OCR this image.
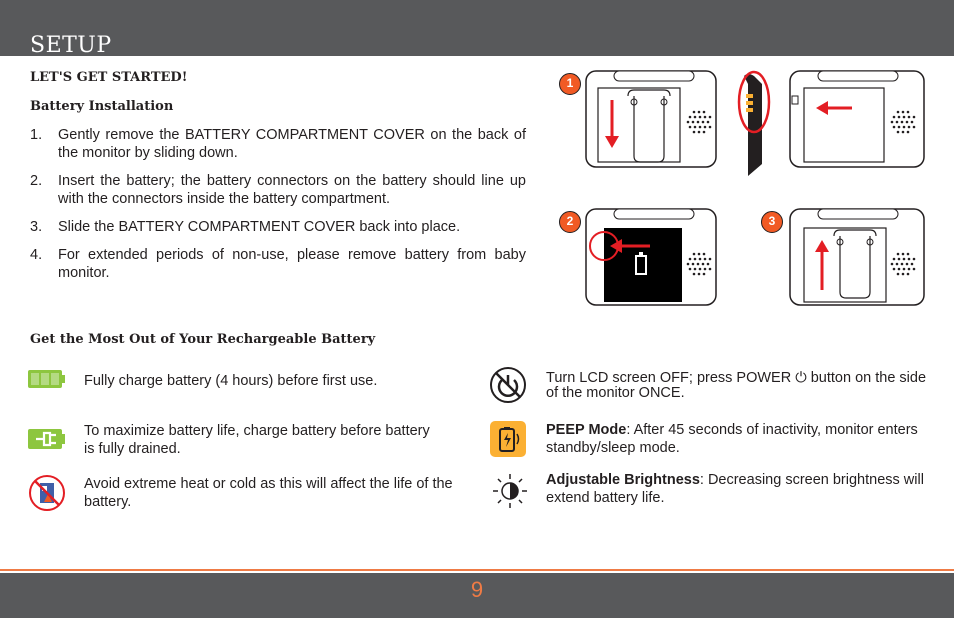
SETUP
LET'S GET STARTED!
Battery Installation
1.	Gently remove the BATTERY COMPARTMENT COVER on the back of the monitor by sliding down.
2.	Insert the battery; the battery connectors on the battery should line up with the connectors inside the battery compartment.
3.	Slide the BATTERY COMPARTMENT COVER back into place.
4.	For extended periods of non-use, please remove battery from baby monitor.
1
2	3
Get the Most Out of Your Rechargeable Battery
Fully charge battery (4 hours) before first use.
To maximize battery life, charge battery before battery is fully drained.
Avoid extreme heat or cold as this will affect the life of the battery.
Turn LCD screen OFF; press POWER ⏻ button on the side of the monitor ONCE.
PEEP Mode: After 45 seconds of inactivity, monitor enters standby/sleep mode.
Adjustable Brightness: Decreasing screen brightness will extend battery life.
9
